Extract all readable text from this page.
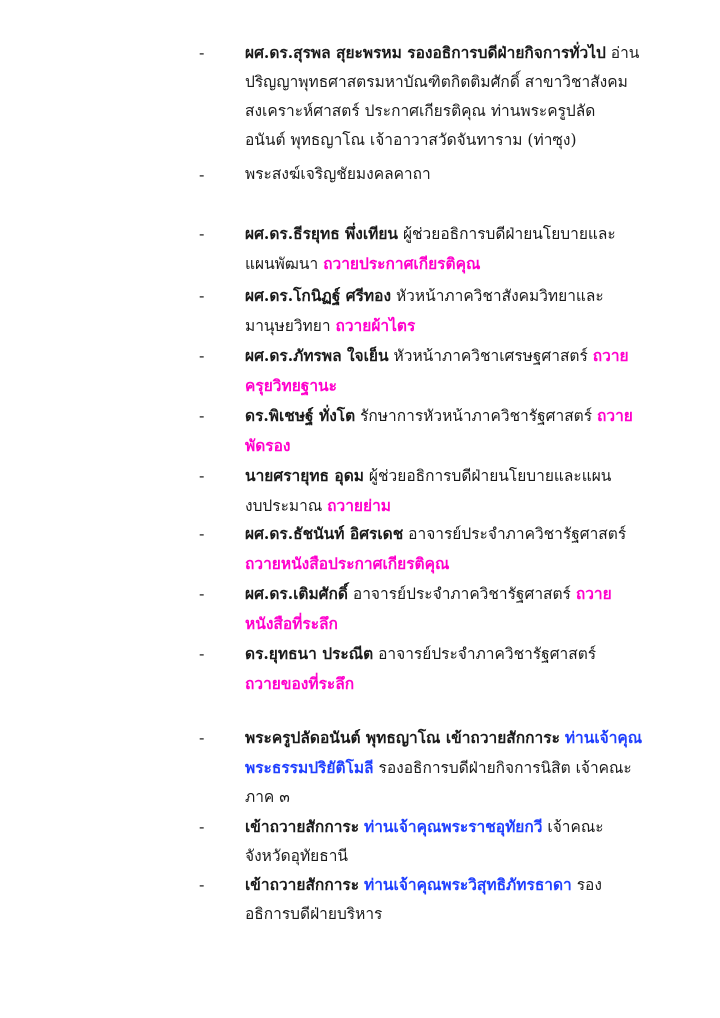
-	ผศ.ดร.สุรพล สุยะพรหม รองอธิการบดีฝ่ายกิจการทั่วไป อ่าน
ปริญญาพุทธศาสตรมหาบัณฑิตกิตติมศักดิ์ สาขาวิชาสังคม
สงเคราะห์ศาสตร์ ประกาศเกียรติคุณ ท่านพระครูปลัด
อนันต์ พุทธญาโณ เจ้าอาวาสวัดจันทาราม (ท่าซุง)
-	พระสงฆ์เจริญชัยมงคลคาถา
-	ผศ.ดร.ธีรยุทธ พึ่งเทียน ผู้ช่วยอธิการบดีฝ่ายนโยบายและ
แผนพัฒนา ถวายประกาศเกียรติคุณ
-	ผศ.ดร.โกนิฏฐ์ ศรีทอง หัวหน้าภาควิชาสังคมวิทยาและ
มานุษยวิทยา ถวายผ้าไตร
-	ผศ.ดร.ภัทรพล ใจเย็น หัวหน้าภาควิชาเศรษฐศาสตร์ ถวาย
ครุยวิทยฐานะ
-	ดร.พิเชษฐ์ ทั่งโต รักษาการหัวหน้าภาควิชารัฐศาสตร์ ถวาย
พัดรอง
-	นายศรายุทธ อุดม ผู้ช่วยอธิการบดีฝ่ายนโยบายและแผน
งบประมาณ ถวายย่าม
-	ผศ.ดร.ธัชนันท์ อิศรเดช อาจารย์ประจำภาควิชารัฐศาสตร์
ถวายหนังสือประกาศเกียรติคุณ
-	ผศ.ดร.เติมศักดิ์ อาจารย์ประจำภาควิชารัฐศาสตร์ ถวาย
หนังสือที่ระลึก
-	ดร.ยุทธนา ประณีต อาจารย์ประจำภาควิชารัฐศาสตร์
ถวายของที่ระลึก
-	พระครูปลัดอนันต์ พุทธญาโณ เข้าถวายสักการะ ท่านเจ้าคุณ
พระธรรมปริยัติโมลี รองอธิการบดีฝ่ายกิจการนิสิต เจ้าคณะ
ภาค ๓
-	เข้าถวายสักการะ ท่านเจ้าคุณพระราชอุทัยกวี เจ้าคณะ
จังหวัดอุทัยธานี
-	เข้าถวายสักการะ ท่านเจ้าคุณพระวิสุทธิภัทรธาดา รอง
อธิการบดีฝ่ายบริหาร
